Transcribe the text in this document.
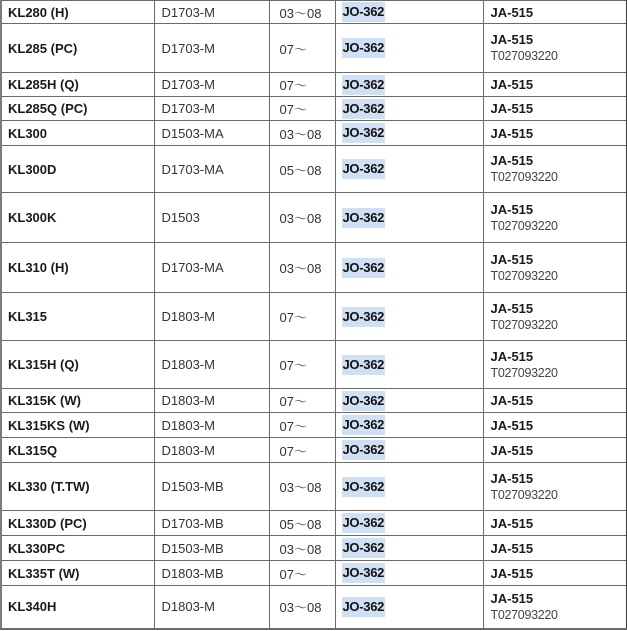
KL280 (H)	D1703-M	03～08	JO-362	JA-515

KL285 (PC)	D1703-M	07～	JO-362	JA-515
T027093220

KL285H (Q)	D1703-M	07～	JO-362	JA-515

KL285Q (PC)	D1703-M	07～	JO-362	JA-515

KL300	D1503-MA	03～08	JO-362	JA-515

KL300D	D1703-MA	05～08	JO-362	JA-515
T027093220

KL300K	D1503	03～08	JO-362	JA-515
T027093220

KL310 (H)	D1703-MA	03～08	JO-362	JA-515
T027093220

KL315	D1803-M	07～	JO-362	JA-515
T027093220

KL315H (Q)	D1803-M	07～	JO-362	JA-515
T027093220

KL315K (W)	D1803-M	07～	JO-362	JA-515

KL315KS (W)	D1803-M	07～	JO-362	JA-515

KL315Q	D1803-M	07～	JO-362	JA-515

KL330 (T.TW)	D1503-MB	03～08	JO-362	JA-515
T027093220

KL330D (PC)	D1703-MB	05～08	JO-362	JA-515

KL330PC	D1503-MB	03～08	JO-362	JA-515

KL335T (W)	D1803-MB	07～	JO-362	JA-515

KL340H	D1803-M	03～08	JO-362	JA-515
T027093220
